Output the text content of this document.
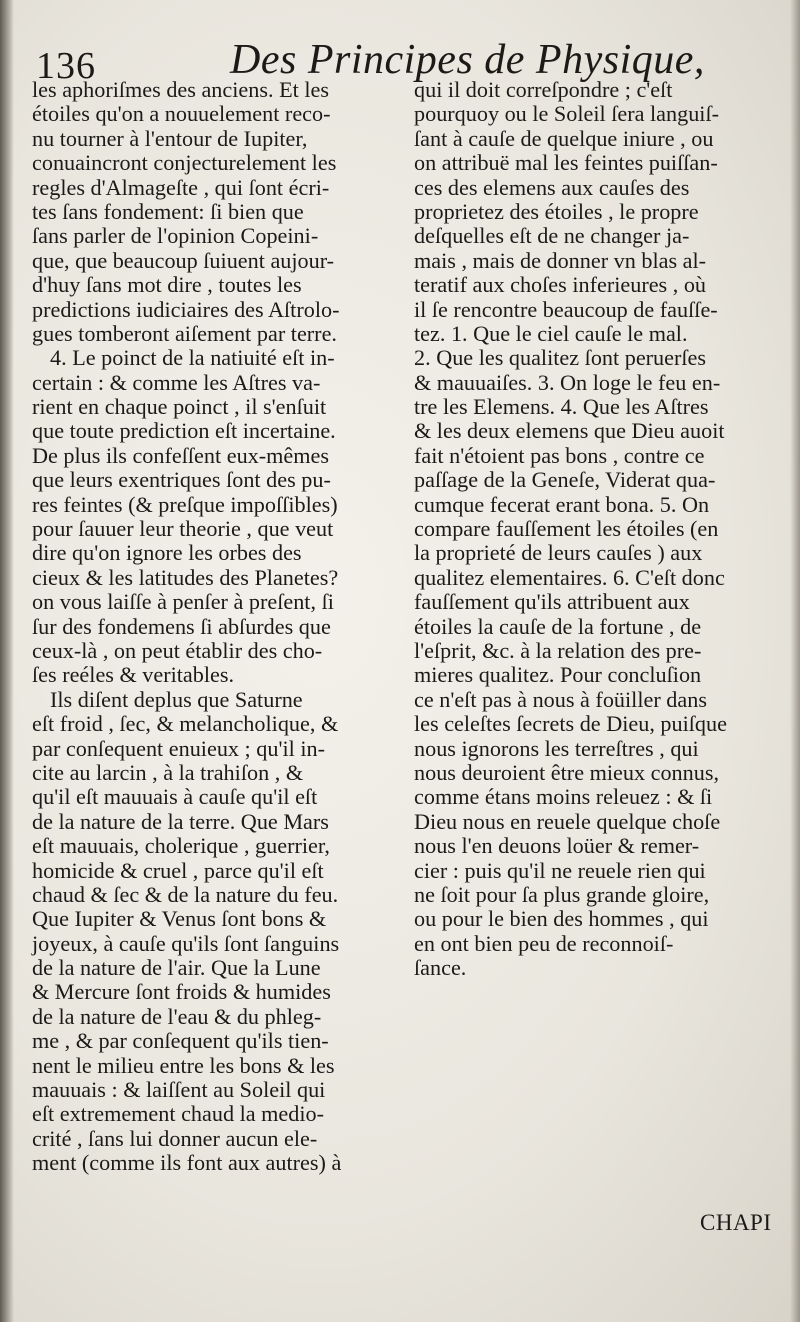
136	Des Principes de Physique,
les aphoriſmes des anciens. Et les
étoiles qu'on a nouuelement reco-
nu tourner à l'entour de Iupiter,
conuaincront conjecturelement les
regles d'Almageſte , qui ſont écri-
tes ſans fondement: ſi bien que
ſans parler de l'opinion Copeini-
que, que beaucoup ſuiuent aujour-
d'huy ſans mot dire , toutes les
predictions iudiciaires des Aſtrolo-
gues tomberont aiſement par terre.
4. Le poinct de la natiuité eſt in-
certain : & comme les Aſtres va-
rient en chaque poinct , il s'enſuit
que toute prediction eſt incertaine.
De plus ils confeſſent eux-mêmes
que leurs exentriques ſont des pu-
res feintes (& preſque impoſſibles)
pour ſauuer leur theorie , que veut
dire qu'on ignore les orbes des
cieux & les latitudes des Planetes?
on vous laiſſe à penſer à preſent, ſi
ſur des fondemens ſi abſurdes que
ceux-là , on peut établir des cho-
ſes reéles & veritables.
Ils diſent deplus que Saturne
eſt froid , ſec, & melancholique, &
par conſequent enuieux ; qu'il in-
cite au larcin , à la trahiſon , &
qu'il eſt mauuais à cauſe qu'il eſt
de la nature de la terre. Que Mars
eſt mauuais, cholerique , guerrier,
homicide & cruel , parce qu'il eſt
chaud & ſec & de la nature du feu.
Que Iupiter & Venus ſont bons &
joyeux, à cauſe qu'ils ſont ſanguins
de la nature de l'air. Que la Lune
& Mercure ſont froids & humides
de la nature de l'eau & du phleg-
me , & par conſequent qu'ils tien-
nent le milieu entre les bons & les
mauuais : & laiſſent au Soleil qui
eſt extremement chaud la medio-
crité , ſans lui donner aucun ele-
ment (comme ils font aux autres) à
qui il doit correſpondre ; c'eſt
pourquoy ou le Soleil ſera languiſ-
ſant à cauſe de quelque iniure , ou
on attribuë mal les feintes puiſſan-
ces des elemens aux cauſes des
proprietez des étoiles , le propre
deſquelles eſt de ne changer ja-
mais , mais de donner vn blas al-
teratif aux choſes inferieures , où
il ſe rencontre beaucoup de fauſſe-
tez. 1. Que le ciel cauſe le mal.
2. Que les qualitez ſont peruerſes
& mauuaiſes. 3. On loge le feu en-
tre les Elemens. 4. Que les Aſtres
& les deux elemens que Dieu auoit
fait n'étoient pas bons , contre ce
paſſage de la Geneſe, Viderat qua-
cumque fecerat erant bona. 5. On
compare fauſſement les étoiles (en
la proprieté de leurs cauſes ) aux
qualitez elementaires. 6. C'eſt donc
fauſſement qu'ils attribuent aux
étoiles la cauſe de la fortune , de
l'eſprit, &c. à la relation des pre-
mieres qualitez. Pour concluſion
ce n'eſt pas à nous à foüiller dans
les celeſtes ſecrets de Dieu, puiſque
nous ignorons les terreſtres , qui
nous deuroient être mieux connus,
comme étans moins releuez : & ſi
Dieu nous en reuele quelque choſe
nous l'en deuons loüer & remer-
cier : puis qu'il ne reuele rien qui
ne ſoit pour ſa plus grande gloire,
ou pour le bien des hommes , qui
en ont bien peu de reconnoiſ-
ſance.
CHAPI
